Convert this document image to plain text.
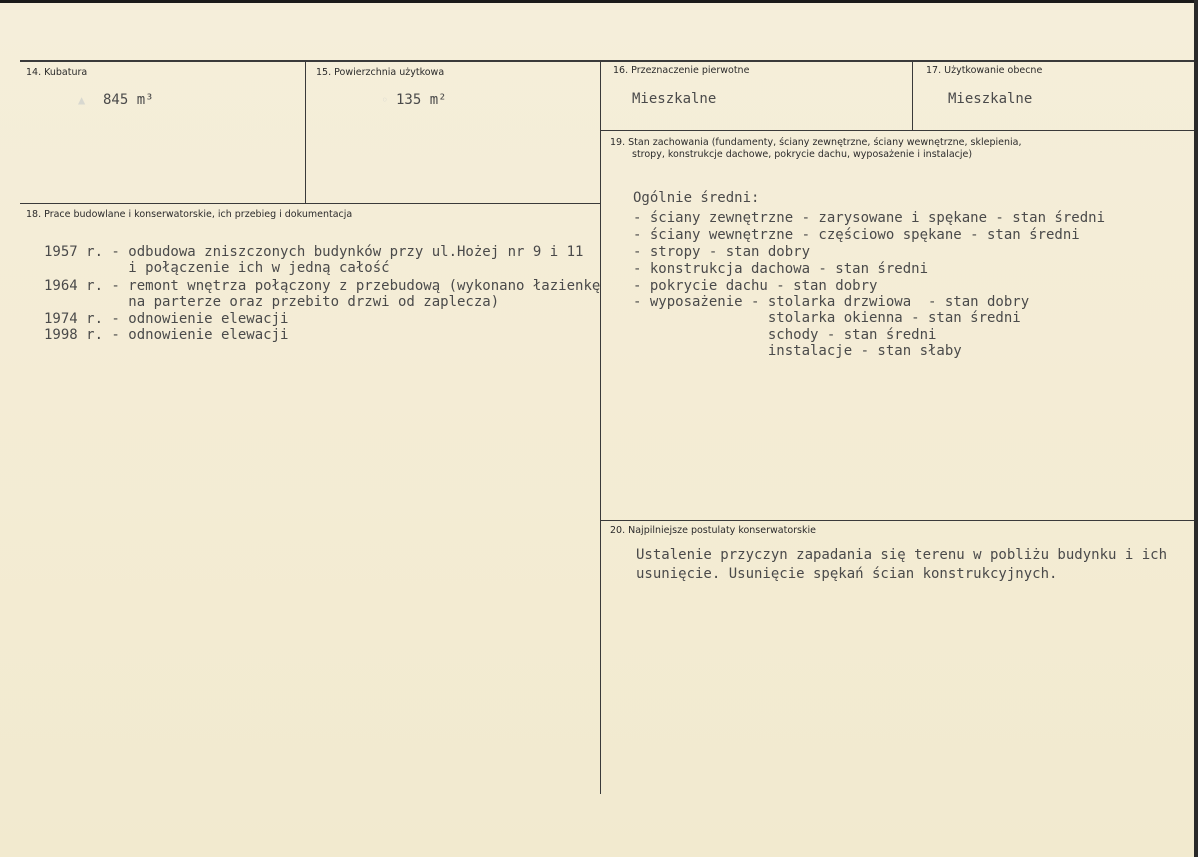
14. Kubatura
▲ 845 m³
15. Powierzchnia użytkowa
◦ 135 m²
16. Przeznaczenie pierwotne
Mieszkalne
17. Użytkowanie obecne
Mieszkalne
18. Prace budowlane i konserwatorskie, ich przebieg i dokumentacja
1957 r. - odbudowa zniszczonych budynków przy ul.Hożej nr 9 i 11
i połączenie ich w jedną całość
1964 r. - remont wnętrza połączony z przebudową (wykonano łazienkę
na parterze oraz przebito drzwi od zaplecza)
1974 r. - odnowienie elewacji
1998 r. - odnowienie elewacji
19. Stan zachowania (fundamenty, ściany zewnętrzne, ściany wewnętrzne, sklepienia,
stropy, konstrukcje dachowe, pokrycie dachu, wyposażenie i instalacje)
Ogólnie średni:
- ściany zewnętrzne - zarysowane i spękane - stan średni
- ściany wewnętrzne - częściowo spękane - stan średni
- stropy - stan dobry
- konstrukcja dachowa - stan średni
- pokrycie dachu - stan dobry
- wyposażenie - stolarka drzwiowa  - stan dobry
stolarka okienna - stan średni
schody - stan średni
instalacje - stan słaby
20. Najpilniejsze postulaty konserwatorskie
Ustalenie przyczyn zapadania się terenu w pobliżu budynku i ich
usunięcie. Usunięcie spękań ścian konstrukcyjnych.
